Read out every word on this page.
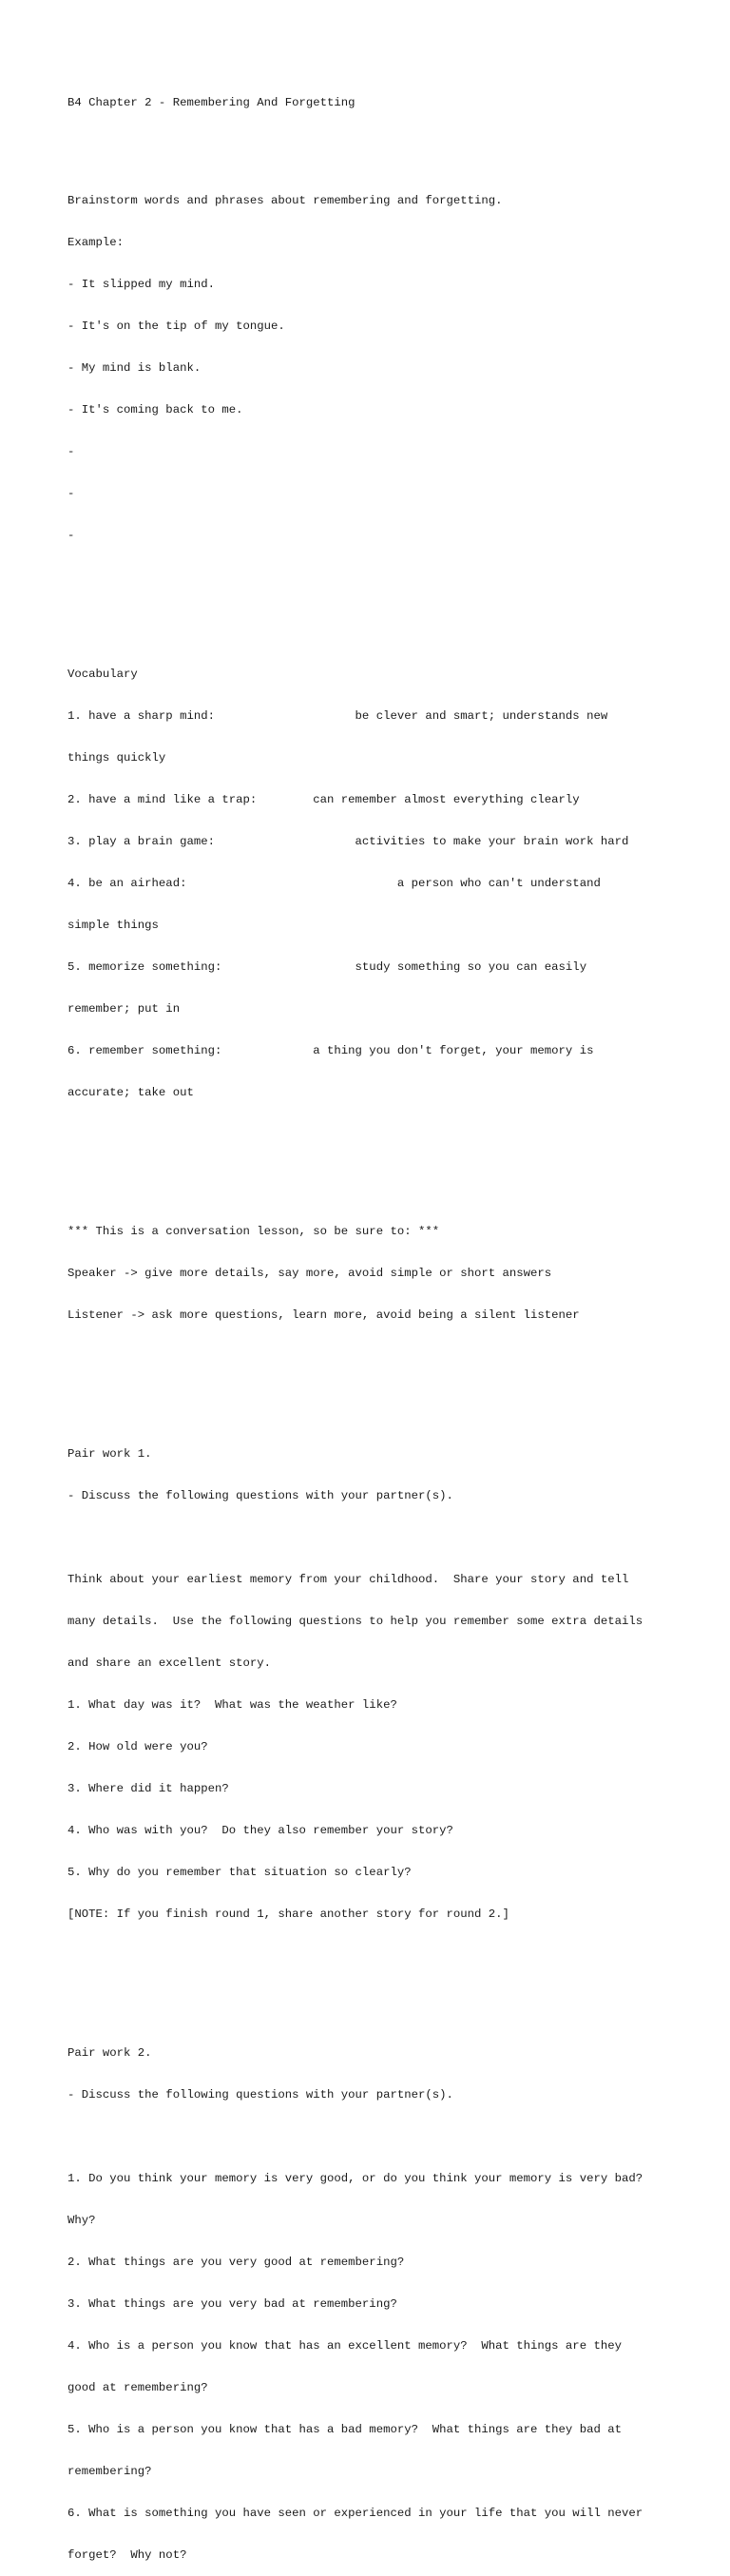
B4 Chapter 2 - Remembering And Forgetting

Brainstorm words and phrases about remembering and forgetting.

Example:

- It slipped my mind.

- It's on the tip of my tongue.

- My mind is blank.

- It's coming back to me.

-

-

-

Vocabulary

1. have a sharp mind:                    be clever and smart; understands new

things quickly

2. have a mind like a trap:        can remember almost everything clearly

3. play a brain game:                    activities to make your brain work hard

4. be an airhead:                              a person who can't understand

simple things

5. memorize something:                   study something so you can easily

remember; put in

6. remember something:             a thing you don't forget, your memory is

accurate; take out

*** This is a conversation lesson, so be sure to: ***

Speaker -> give more details, say more, avoid simple or short answers

Listener -> ask more questions, learn more, avoid being a silent listener

Pair work 1.

- Discuss the following questions with your partner(s).

Think about your earliest memory from your childhood.  Share your story and tell

many details.  Use the following questions to help you remember some extra details

and share an excellent story.

1. What day was it?  What was the weather like?

2. How old were you?

3. Where did it happen?

4. Who was with you?  Do they also remember your story?

5. Why do you remember that situation so clearly?

[NOTE: If you finish round 1, share another story for round 2.]

Pair work 2.

- Discuss the following questions with your partner(s).

1. Do you think your memory is very good, or do you think your memory is very bad?

Why?

2. What things are you very good at remembering?

3. What things are you very bad at remembering?

4. Who is a person you know that has an excellent memory?  What things are they

good at remembering?

5. Who is a person you know that has a bad memory?  What things are they bad at

remembering?

6. What is something you have seen or experienced in your life that you will never

forget?  Why not?
